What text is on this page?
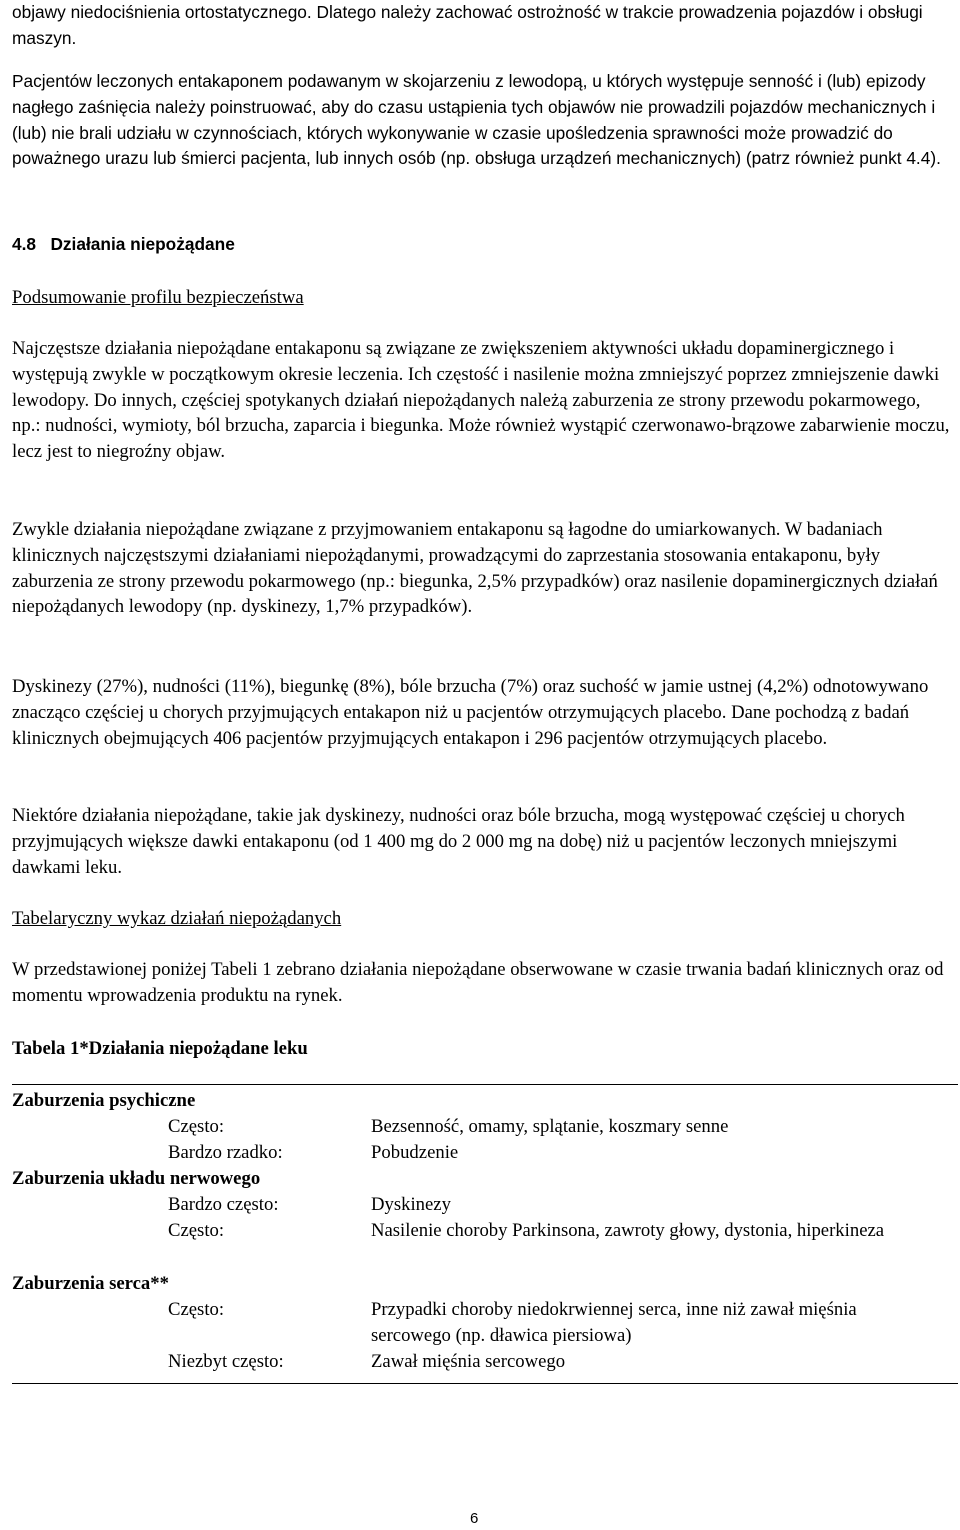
objawy niedociśnienia ortostatycznego. Dlatego należy zachować ostrożność w trakcie prowadzenia pojazdów i obsługi maszyn.

Pacjentów leczonych entakaponem podawanym w skojarzeniu z lewodopą, u których występuje senność i (lub) epizody nagłego zaśnięcia należy poinstruować, aby do czasu ustąpienia tych objawów nie prowadzili pojazdów mechanicznych i (lub) nie brali udziału w czynnościach, których wykonywanie w czasie upośledzenia sprawności może prowadzić do poważnego urazu lub śmierci pacjenta, lub innych osób (np. obsługa urządzeń mechanicznych) (patrz również punkt 4.4).

4.8 Działania niepożądane

Podsumowanie profilu bezpieczeństwa

Najczęstsze działania niepożądane entakaponu są związane ze zwiększeniem aktywności układu dopaminergicznego i występują zwykle w początkowym okresie leczenia. Ich częstość i nasilenie można zmniejszyć poprzez zmniejszenie dawki lewodopy. Do innych, częściej spotykanych działań niepożądanych należą zaburzenia ze strony przewodu pokarmowego, np.: nudności, wymioty, ból brzucha, zaparcia i biegunka. Może również wystąpić czerwonawo-brązowe zabarwienie moczu, lecz jest to niegroźny objaw.

Zwykle działania niepożądane związane z przyjmowaniem entakaponu są łagodne do umiarkowanych. W badaniach klinicznych najczęstszymi działaniami niepożądanymi, prowadzącymi do zaprzestania stosowania entakaponu, były zaburzenia ze strony przewodu pokarmowego (np.: biegunka, 2,5% przypadków) oraz nasilenie dopaminergicznych działań niepożądanych lewodopy (np. dyskinezy, 1,7% przypadków).

Dyskinezy (27%), nudności (11%), biegunkę (8%), bóle brzucha (7%) oraz suchość w jamie ustnej (4,2%) odnotowywano znacząco częściej u chorych przyjmujących entakapon niż u pacjentów otrzymujących placebo. Dane pochodzą z badań klinicznych obejmujących 406 pacjentów przyjmujących entakapon i 296 pacjentów otrzymujących placebo.

Niektóre działania niepożądane, takie jak dyskinezy, nudności oraz bóle brzucha, mogą występować częściej u chorych przyjmujących większe dawki entakaponu (od 1 400 mg do 2 000 mg na dobę) niż u pacjentów leczonych mniejszymi dawkami leku.

Tabelaryczny wykaz działań niepożądanych

W przedstawionej poniżej Tabeli 1 zebrano działania niepożądane obserwowane w czasie trwania badań klinicznych oraz od momentu wprowadzenia produktu na rynek.

Tabela 1*Działania niepożądane leku

Zaburzenia psychiczne
Często:	Bezsenność, omamy, splątanie, koszmary senne
Bardzo rzadko:	Pobudzenie
Zaburzenia układu nerwowego
Bardzo często:	Dyskinezy
Często:	Nasilenie choroby Parkinsona, zawroty głowy, dystonia, hiperkineza
Zaburzenia serca**
Często:	Przypadki choroby niedokrwiennej serca, inne niż zawał mięśnia sercowego (np. dławica piersiowa)
Niezbyt często:	Zawał mięśnia sercowego
6
